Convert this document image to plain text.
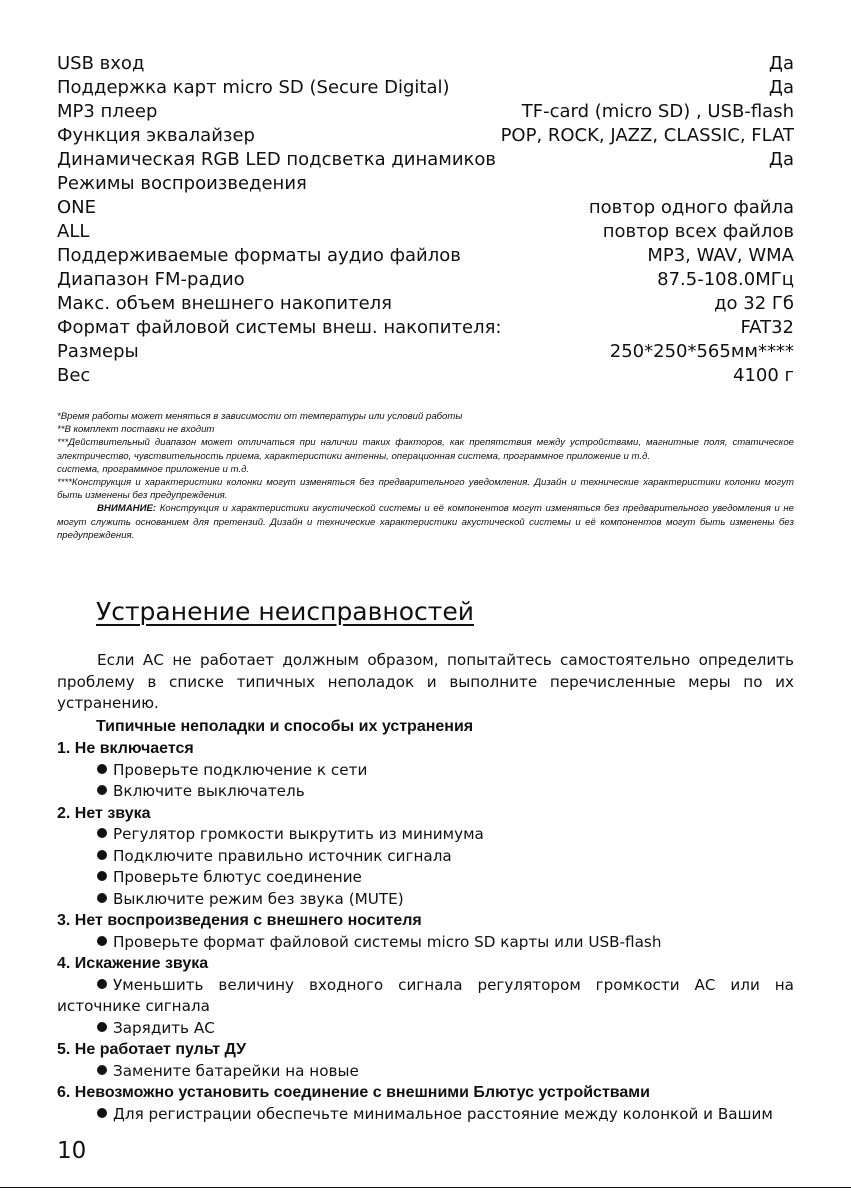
USB вход	Да
Поддержка карт micro SD (Secure Digital)	Да
MP3 плеер	TF-card (micro SD) , USB-flash
Функция эквалайзер	POP, ROCK, JAZZ, CLASSIC, FLAT
Динамическая RGB LED подсветка динамиков	Да
Режимы воспроизведения
ONE	повтор одного файла
ALL	повтор всех файлов
Поддерживаемые форматы аудио файлов	MP3, WAV, WMA
Диапазон FM-радио	87.5-108.0МГц
Макс. объем внешнего накопителя	до 32 Гб
Формат файловой системы внеш. накопителя:	FAT32
Размеры	250*250*565мм****
Вес	4100 г

*Время работы может меняться в зависимости от температуры или условий работы

**В комплект поставки не входит

***Действительный диапазон может отличаться при наличии таких факторов, как препятствия между устройствами, магнитные поля, статическое электричество, чувствительность приема, характеристики антенны, операционная система, программное приложение и т.д.

система, программное приложение и т.д.

****Конструкция и характеристики колонки могут изменяться без предварительного уведомления. Дизайн и технические характеристики колонки могут быть изменены без предупреждения.

ВНИМАНИЕ: Конструкция и характеристики акустической системы и её компонентов могут изменяться без предварительного уведомления и не могут служить основанием для претензий. Дизайн и технические характеристики акустической системы и её компонентов могут быть изменены без предупреждения.

Устранение неисправностей

Если АС не работает должным образом, попытайтесь самостоятельно определить проблему в списке типичных неполадок и выполните перечисленные меры по их устранению.

Типичные неполадки и способы их устранения

1. Не включается

Проверьте подключение к сети

Включите выключатель

2. Нет звука

Регулятор громкости выкрутить из минимума

Подключите правильно источник сигнала

Проверьте блютус соединение

Выключите режим без звука (MUTE)

3. Нет воспроизведения с внешнего носителя

Проверьте формат файловой системы micro SD карты или USB-flash

4. Искажение звука

Уменьшить величину входного сигнала регулятором громкости АС или на источнике сигнала

Зарядить АС

5. Не работает пульт ДУ

Замените батарейки на новые

6. Невозможно установить соединение с внешними Блютус устройствами

Для регистрации обеспечьте минимальное расстояние между колонкой и Вашим

10
